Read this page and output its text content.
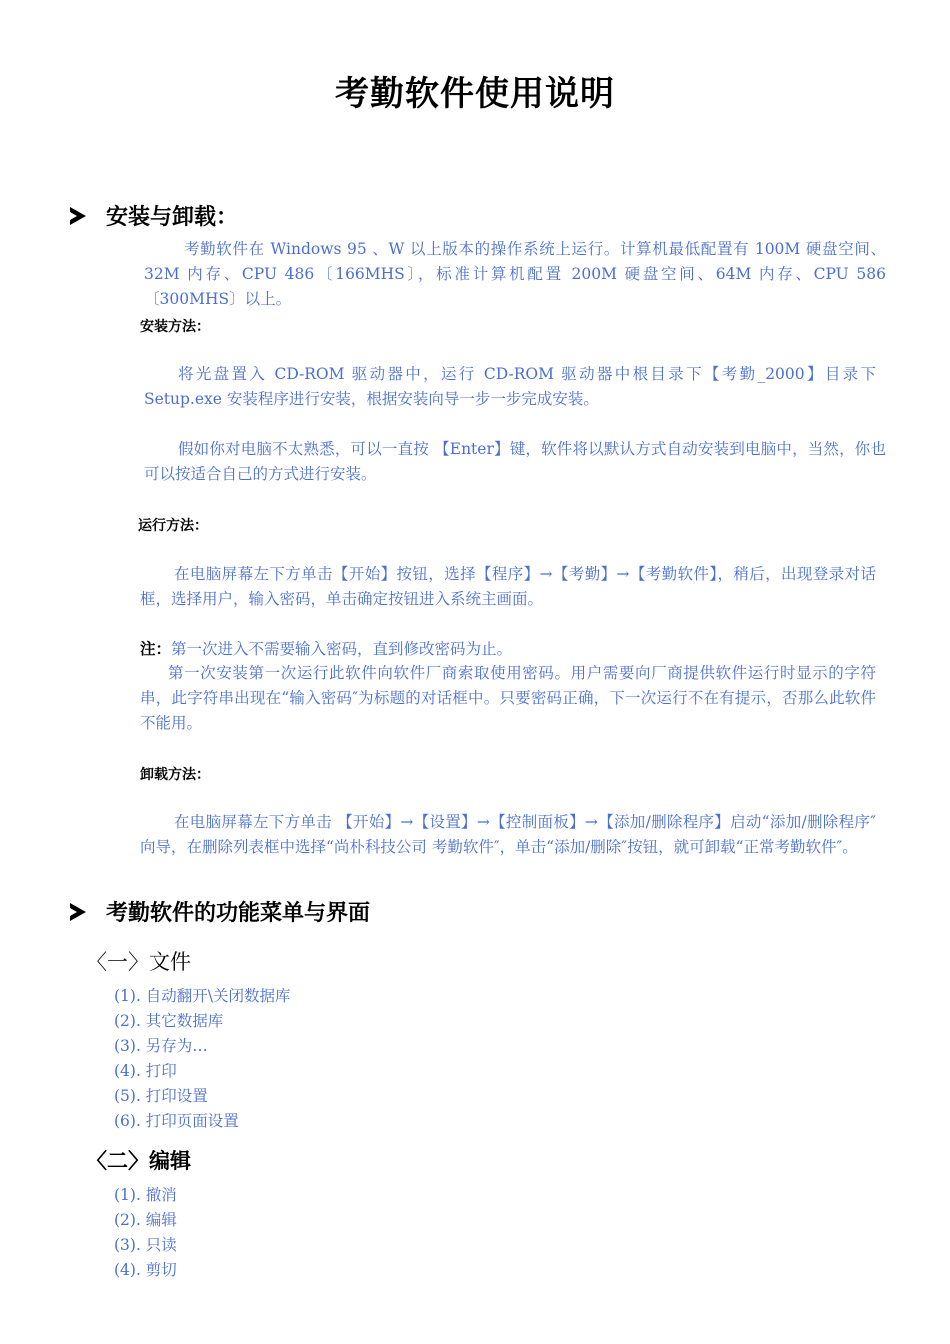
考勤软件使用说明
安装与卸载：
考勤软件在 Windows 95 、W 以上版本的操作系统上运行。计算机最低配置有 100M 硬盘空间、32M 内存、CPU 486〔166MHS〕，标准计算机配置 200M 硬盘空间、64M 内存、CPU 586〔300MHS〕以上。
安装方法：
将光盘置入 CD-ROM 驱动器中，运行 CD-ROM 驱动器中根目录下【考勤_2000】目录下 Setup.exe 安装程序进行安装，根据安装向导一步一步完成安装。
假如你对电脑不太熟悉，可以一直按 【Enter】键，软件将以默认方式自动安装到电脑中，当然，你也可以按适合自己的方式进行安装。
运行方法：
在电脑屏幕左下方单击【开始】按钮，选择【程序】→【考勤】→【考勤软件】，稍后，出现登录对话框，选择用户，输入密码，单击确定按钮进入系统主画面。
注：第一次进入不需要输入密码，直到修改密码为止。
第一次安装第一次运行此软件向软件厂商索取使用密码。用户需要向厂商提供软件运行时显示的字符串，此字符串出现在“输入密码″为标题的对话框中。只要密码正确，下一次运行不在有提示，否那么此软件不能用。
卸载方法：
在电脑屏幕左下方单击 【开始】→【设置】→【控制面板】→【添加/删除程序】启动“添加/删除程序″向导，在删除列表框中选择“尚朴科技公司 考勤软件″，单击“添加/删除″按钮，就可卸载“正常考勤软件″。
考勤软件的功能菜单与界面
〈一〉文件
(1). 自动翻开\关闭数据库
(2). 其它数据库
(3). 另存为…
(4). 打印
(5). 打印设置
(6). 打印页面设置
〈二〉编辑
(1). 撤消
(2). 编辑
(3). 只读
(4). 剪切
